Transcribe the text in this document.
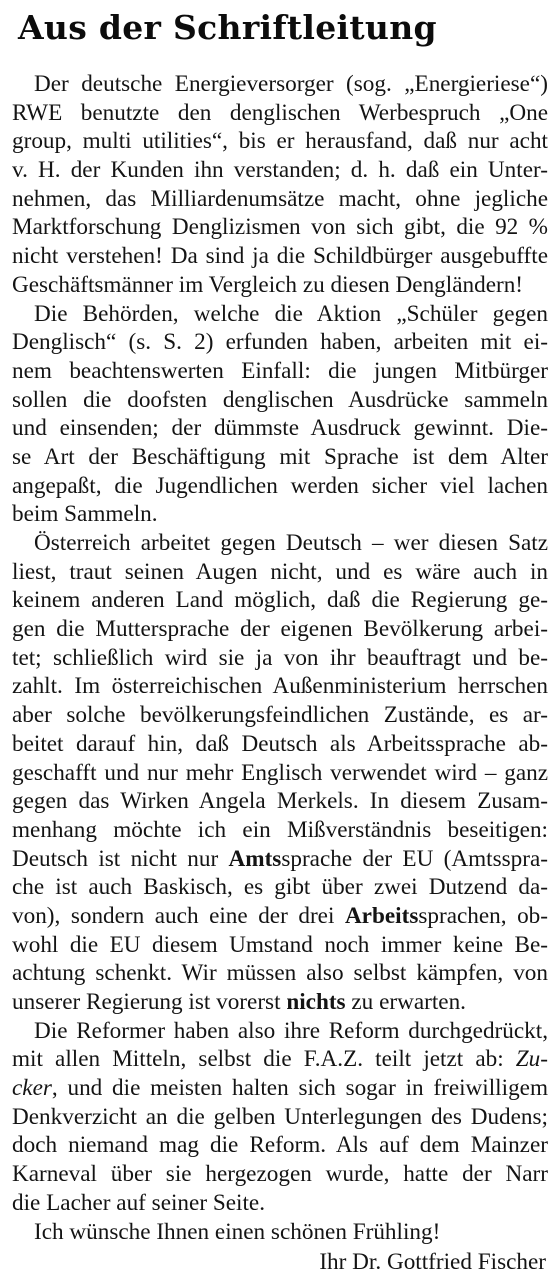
Aus der Schriftleitung
Der deutsche Energieversorger (sog. „Energieriese“)
RWE benutzte den denglischen Werbespruch „One
group, multi utilities“, bis er herausfand, daß nur acht
v. H. der Kunden ihn verstanden; d. h. daß ein Unter-
nehmen, das Milliardenumsätze macht, ohne jegliche
Marktforschung Denglizismen von sich gibt, die 92 %
nicht verstehen! Da sind ja die Schildbürger ausgebuffte
Geschäftsmänner im Vergleich zu diesen Dengländern!
Die Behörden, welche die Aktion „Schüler gegen
Denglisch“ (s. S. 2) erfunden haben, arbeiten mit ei-
nem beachtenswerten Einfall: die jungen Mitbürger
sollen die doofsten denglischen Ausdrücke sammeln
und einsenden; der dümmste Ausdruck gewinnt. Die-
se Art der Beschäftigung mit Sprache ist dem Alter
angepaßt, die Jugendlichen werden sicher viel lachen
beim Sammeln.
Österreich arbeitet gegen Deutsch – wer diesen Satz
liest, traut seinen Augen nicht, und es wäre auch in
keinem anderen Land möglich, daß die Regierung ge-
gen die Muttersprache der eigenen Bevölkerung arbei-
tet; schließlich wird sie ja von ihr beauftragt und be-
zahlt. Im österreichischen Außenministerium herrschen
aber solche bevölkerungsfeindlichen Zustände, es ar-
beitet darauf hin, daß Deutsch als Arbeitssprache ab-
geschafft und nur mehr Englisch verwendet wird – ganz
gegen das Wirken Angela Merkels. In diesem Zusam-
menhang möchte ich ein Mißverständnis beseitigen:
Deutsch ist nicht nur Amtssprache der EU (Amtsspra-
che ist auch Baskisch, es gibt über zwei Dutzend da-
von), sondern auch eine der drei Arbeitssprachen, ob-
wohl die EU diesem Umstand noch immer keine Be-
achtung schenkt. Wir müssen also selbst kämpfen, von
unserer Regierung ist vorerst nichts zu erwarten.
Die Reformer haben also ihre Reform durchgedrückt,
mit allen Mitteln, selbst die F.A.Z. teilt jetzt ab: Zu-
cker, und die meisten halten sich sogar in freiwilligem
Denkverzicht an die gelben Unterlegungen des Dudens;
doch niemand mag die Reform. Als auf dem Mainzer
Karneval über sie hergezogen wurde, hatte der Narr
die Lacher auf seiner Seite.
Ich wünsche Ihnen einen schönen Frühling!
Ihr Dr. Gottfried Fischer
